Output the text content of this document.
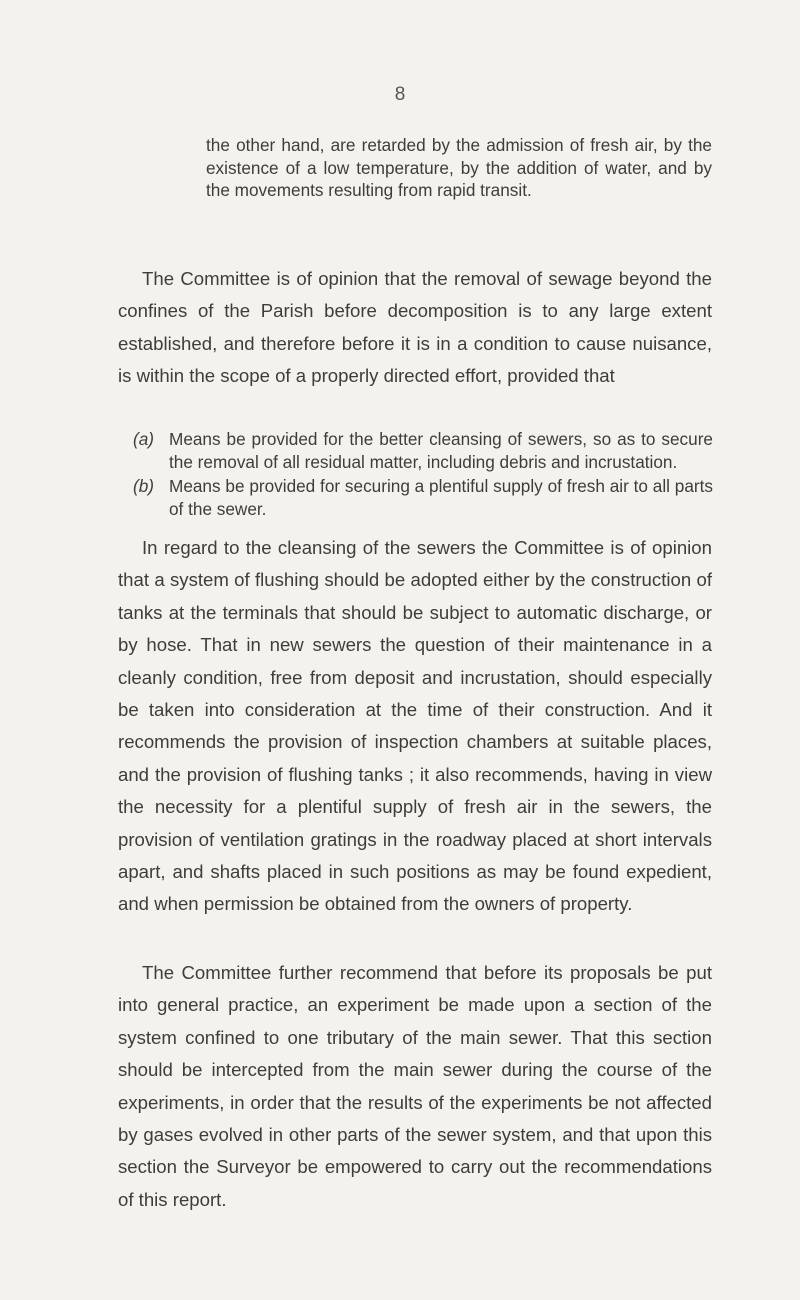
8
the other hand, are retarded by the admission of fresh air, by the existence of a low temperature, by the addition of water, and by the movements resulting from rapid transit.
The Committee is of opinion that the removal of sewage beyond the confines of the Parish before decomposition is to any large extent established, and therefore before it is in a condition to cause nuisance, is within the scope of a properly directed effort, provided that
(a) Means be provided for the better cleansing of sewers, so as to secure the removal of all residual matter, including debris and incrustation.
(b) Means be provided for securing a plentiful supply of fresh air to all parts of the sewer.
In regard to the cleansing of the sewers the Committee is of opinion that a system of flushing should be adopted either by the construction of tanks at the terminals that should be subject to automatic discharge, or by hose. That in new sewers the question of their maintenance in a cleanly condition, free from deposit and incrustation, should especially be taken into consideration at the time of their construction. And it recommends the provision of inspection chambers at suitable places, and the provision of flushing tanks ; it also recommends, having in view the necessity for a plentiful supply of fresh air in the sewers, the provision of ventilation gratings in the roadway placed at short intervals apart, and shafts placed in such positions as may be found expedient, and when permission be obtained from the owners of property.
The Committee further recommend that before its proposals be put into general practice, an experiment be made upon a section of the system confined to one tributary of the main sewer. That this section should be intercepted from the main sewer during the course of the experiments, in order that the results of the experiments be not affected by gases evolved in other parts of the sewer system, and that upon this section the Surveyor be empowered to carry out the recommendations of this report.
